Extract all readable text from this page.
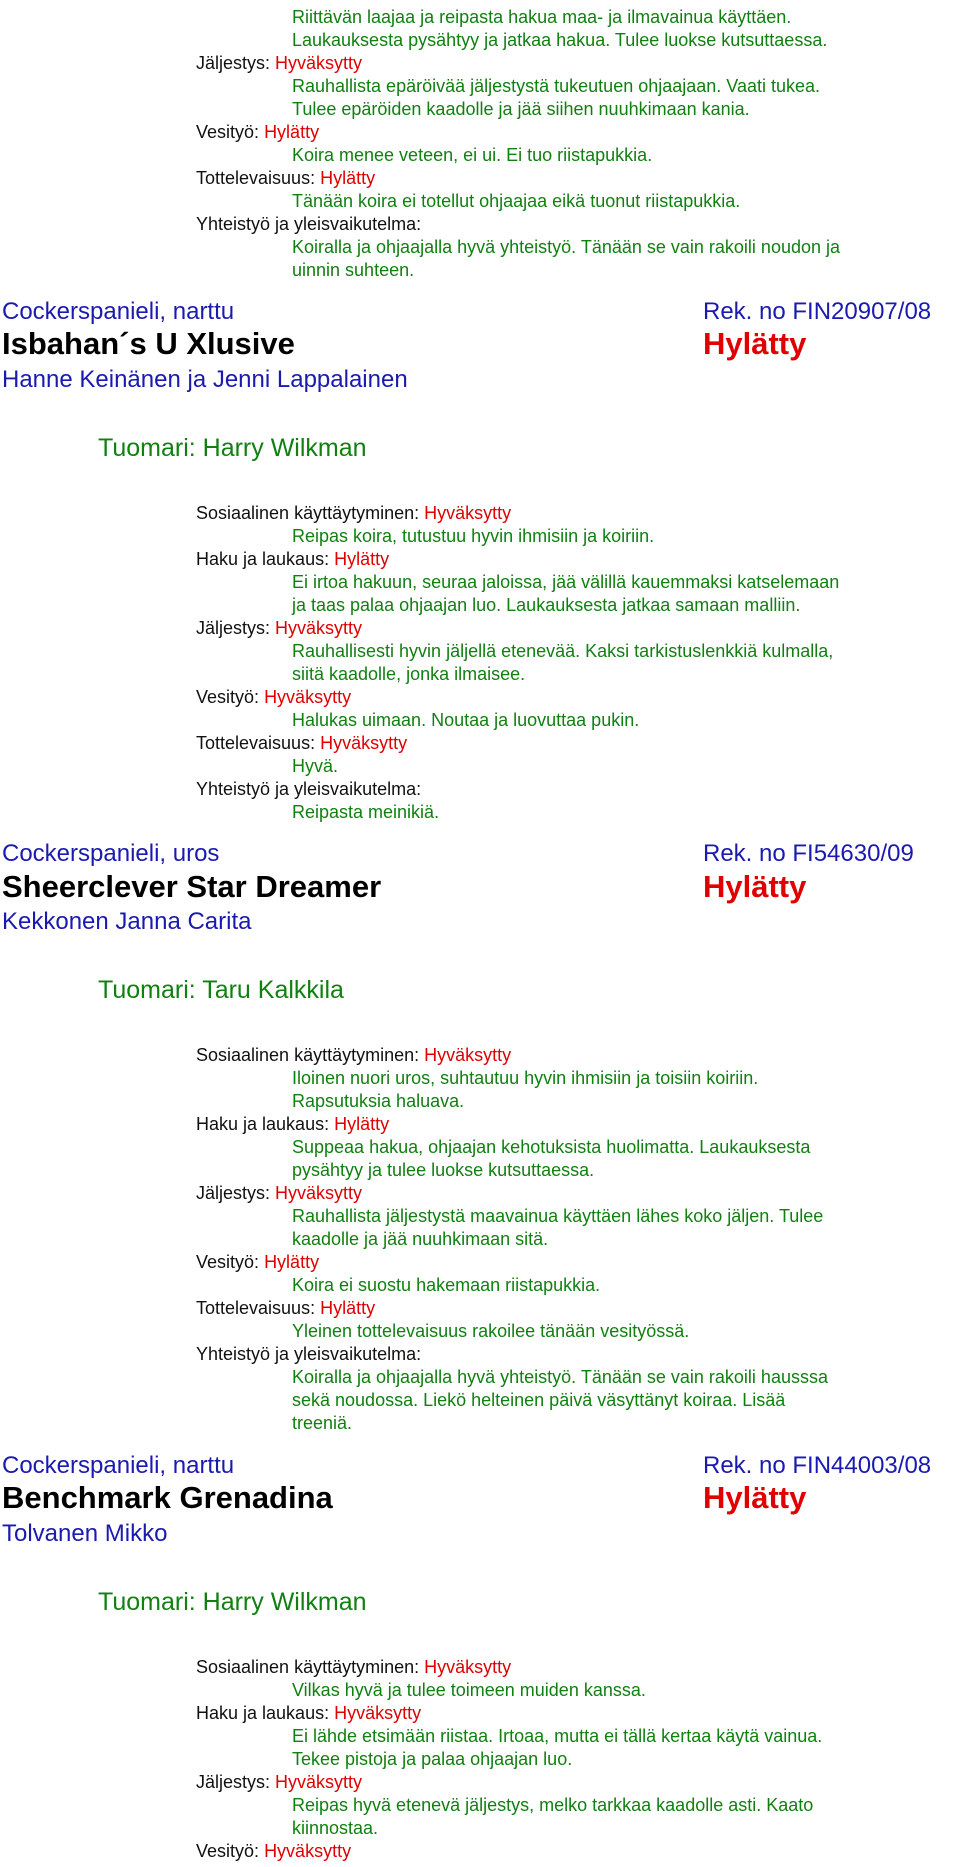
Riittävän laajaa ja reipasta hakua maa- ja ilmavainua käyttäen.
Laukauksesta pysähtyy ja jatkaa hakua. Tulee luokse kutsuttaessa.
Jäljestys: Hyväksytty
Rauhallista epäröivää jäljestystä tukeutuen ohjaajaan. Vaati tukea.
Tulee epäröiden kaadolle ja jää siihen nuuhkimaan kania.
Vesityö: Hylätty
Koira menee veteen, ei ui. Ei tuo riistapukkia.
Tottelevaisuus: Hylätty
Tänään koira ei totellut ohjaajaa eikä tuonut riistapukkia.
Yhteistyö ja yleisvaikutelma:
Koiralla ja ohjaajalla hyvä yhteistyö. Tänään se vain rakoili noudon ja
uinnin suhteen.
Cockerspanieli, narttu	Rek. no FIN20907/08
Isbahan´s U Xlusive	Hylätty
Hanne Keinänen ja Jenni Lappalainen
Tuomari: Harry Wilkman
Sosiaalinen käyttäytyminen: Hyväksytty
Reipas koira, tutustuu hyvin ihmisiin ja koiriin.
Haku ja laukaus: Hylätty
Ei irtoa hakuun, seuraa jaloissa, jää välillä kauemmaksi katselemaan
ja taas palaa ohjaajan luo. Laukauksesta jatkaa samaan malliin.
Jäljestys: Hyväksytty
Rauhallisesti hyvin jäljellä etenevää. Kaksi tarkistuslenkkiä kulmalla,
siitä kaadolle, jonka ilmaisee.
Vesityö: Hyväksytty
Halukas uimaan. Noutaa ja luovuttaa pukin.
Tottelevaisuus: Hyväksytty
Hyvä.
Yhteistyö ja yleisvaikutelma:
Reipasta meinikiä.
Cockerspanieli, uros	Rek. no FI54630/09
Sheerclever Star Dreamer	Hylätty
Kekkonen Janna Carita
Tuomari: Taru Kalkkila
Sosiaalinen käyttäytyminen: Hyväksytty
Iloinen nuori uros, suhtautuu hyvin ihmisiin ja toisiin koiriin.
Rapsutuksia haluava.
Haku ja laukaus: Hylätty
Suppeaa hakua, ohjaajan kehotuksista huolimatta. Laukauksesta
pysähtyy ja tulee luokse kutsuttaessa.
Jäljestys: Hyväksytty
Rauhallista jäljestystä maavainua käyttäen lähes koko jäljen. Tulee
kaadolle ja jää nuuhkimaan sitä.
Vesityö: Hylätty
Koira ei suostu hakemaan riistapukkia.
Tottelevaisuus: Hylätty
Yleinen tottelevaisuus rakoilee tänään vesityössä.
Yhteistyö ja yleisvaikutelma:
Koiralla ja ohjaajalla hyvä yhteistyö. Tänään se vain rakoili hausssa
sekä noudossa. Liekö helteinen päivä väsyttänyt koiraa. Lisää
treeniä.
Cockerspanieli, narttu	Rek. no FIN44003/08
Benchmark Grenadina	Hylätty
Tolvanen Mikko
Tuomari: Harry Wilkman
Sosiaalinen käyttäytyminen: Hyväksytty
Vilkas hyvä ja tulee toimeen muiden kanssa.
Haku ja laukaus: Hyväksytty
Ei lähde etsimään riistaa. Irtoaa, mutta ei tällä kertaa käytä vainua.
Tekee pistoja ja palaa ohjaajan luo.
Jäljestys: Hyväksytty
Reipas hyvä etenevä jäljestys, melko tarkkaa kaadolle asti. Kaato
kiinnostaa.
Vesityö: Hyväksytty
